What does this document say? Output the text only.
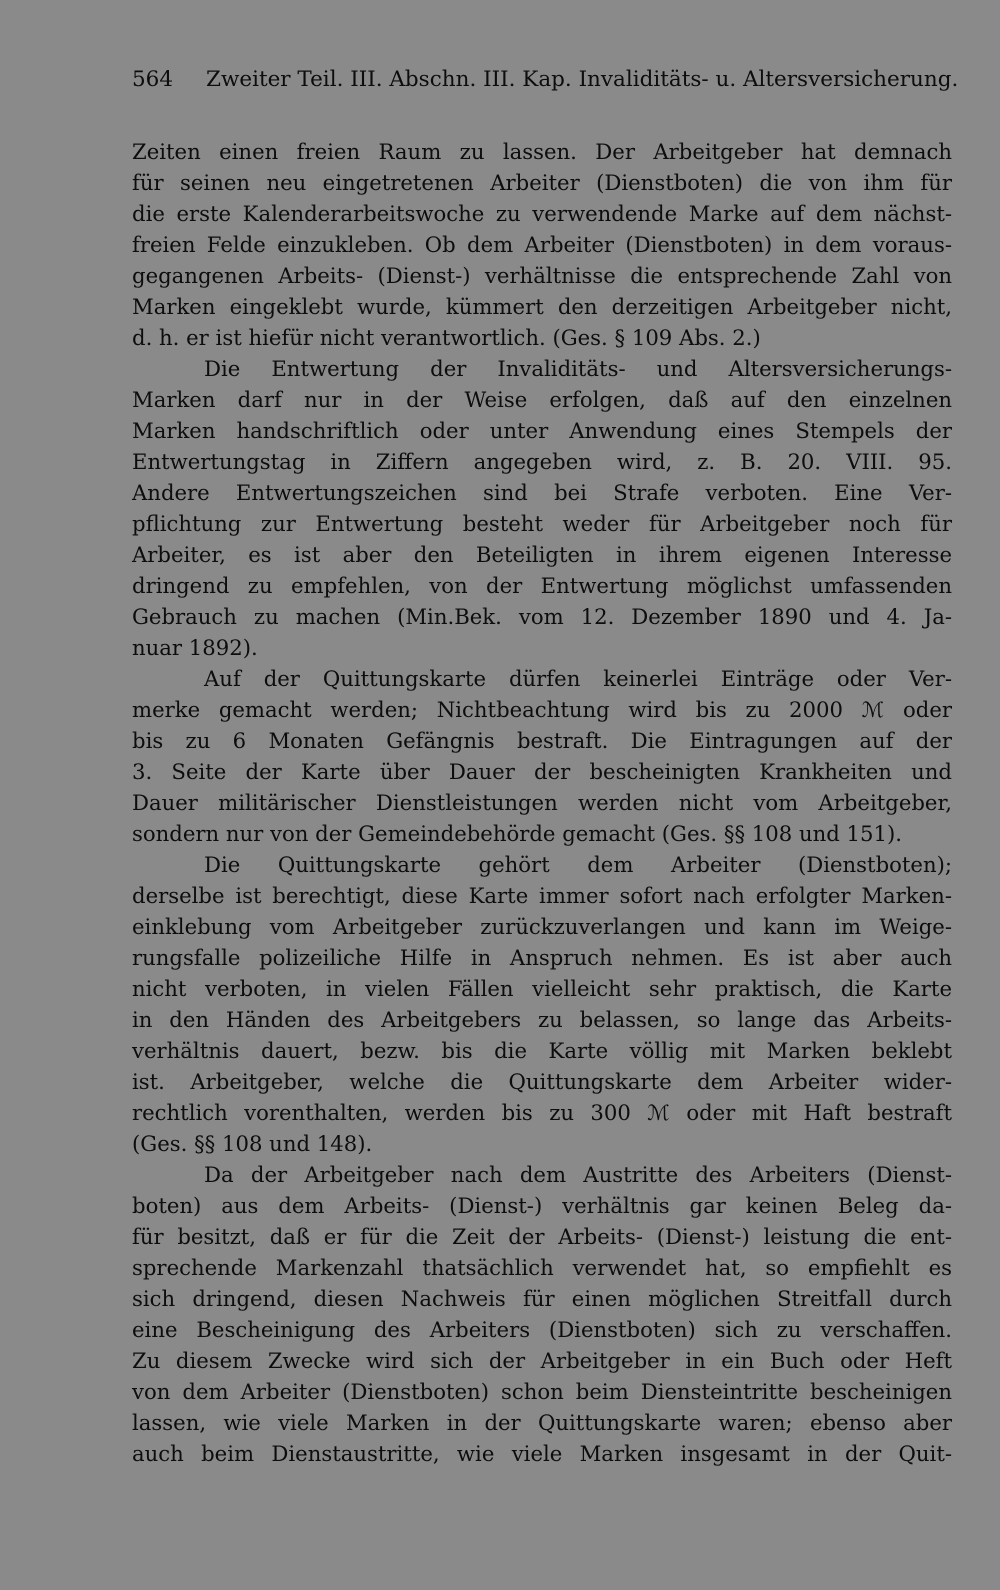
564 Zweiter Teil. III. Abschn. III. Kap. Invaliditäts- u. Altersversicherung.
Zeiten einen freien Raum zu lassen. Der Arbeitgeber hat demnach
für seinen neu eingetretenen Arbeiter (Dienstboten) die von ihm für
die erste Kalenderarbeitswoche zu verwendende Marke auf dem nächst-
freien Felde einzukleben. Ob dem Arbeiter (Dienstboten) in dem voraus-
gegangenen Arbeits- (Dienst-) verhältnisse die entsprechende Zahl von
Marken eingeklebt wurde, kümmert den derzeitigen Arbeitgeber nicht,
d. h. er ist hiefür nicht verantwortlich. (Ges. § 109 Abs. 2.)
Die Entwertung der Invaliditäts- und Altersversicherungs-
Marken darf nur in der Weise erfolgen, daß auf den einzelnen
Marken handschriftlich oder unter Anwendung eines Stempels der
Entwertungstag in Ziffern angegeben wird, z. B. 20. VIII. 95.
Andere Entwertungszeichen sind bei Strafe verboten. Eine Ver-
pflichtung zur Entwertung besteht weder für Arbeitgeber noch für
Arbeiter, es ist aber den Beteiligten in ihrem eigenen Interesse
dringend zu empfehlen, von der Entwertung möglichst umfassenden
Gebrauch zu machen (Min.Bek. vom 12. Dezember 1890 und 4. Ja-
nuar 1892).
Auf der Quittungskarte dürfen keinerlei Einträge oder Ver-
merke gemacht werden; Nichtbeachtung wird bis zu 2000 ℳ oder
bis zu 6 Monaten Gefängnis bestraft. Die Eintragungen auf der
3. Seite der Karte über Dauer der bescheinigten Krankheiten und
Dauer militärischer Dienstleistungen werden nicht vom Arbeitgeber,
sondern nur von der Gemeindebehörde gemacht (Ges. §§ 108 und 151).
Die Quittungskarte gehört dem Arbeiter (Dienstboten);
derselbe ist berechtigt, diese Karte immer sofort nach erfolgter Marken-
einklebung vom Arbeitgeber zurückzuverlangen und kann im Weige-
rungsfalle polizeiliche Hilfe in Anspruch nehmen. Es ist aber auch
nicht verboten, in vielen Fällen vielleicht sehr praktisch, die Karte
in den Händen des Arbeitgebers zu belassen, so lange das Arbeits-
verhältnis dauert, bezw. bis die Karte völlig mit Marken beklebt
ist. Arbeitgeber, welche die Quittungskarte dem Arbeiter wider-
rechtlich vorenthalten, werden bis zu 300 ℳ oder mit Haft bestraft
(Ges. §§ 108 und 148).
Da der Arbeitgeber nach dem Austritte des Arbeiters (Dienst-
boten) aus dem Arbeits- (Dienst-) verhältnis gar keinen Beleg da-
für besitzt, daß er für die Zeit der Arbeits- (Dienst-) leistung die ent-
sprechende Markenzahl thatsächlich verwendet hat, so empfiehlt es
sich dringend, diesen Nachweis für einen möglichen Streitfall durch
eine Bescheinigung des Arbeiters (Dienstboten) sich zu verschaffen.
Zu diesem Zwecke wird sich der Arbeitgeber in ein Buch oder Heft
von dem Arbeiter (Dienstboten) schon beim Diensteintritte bescheinigen
lassen, wie viele Marken in der Quittungskarte waren; ebenso aber
auch beim Dienstaustritte, wie viele Marken insgesamt in der Quit-
